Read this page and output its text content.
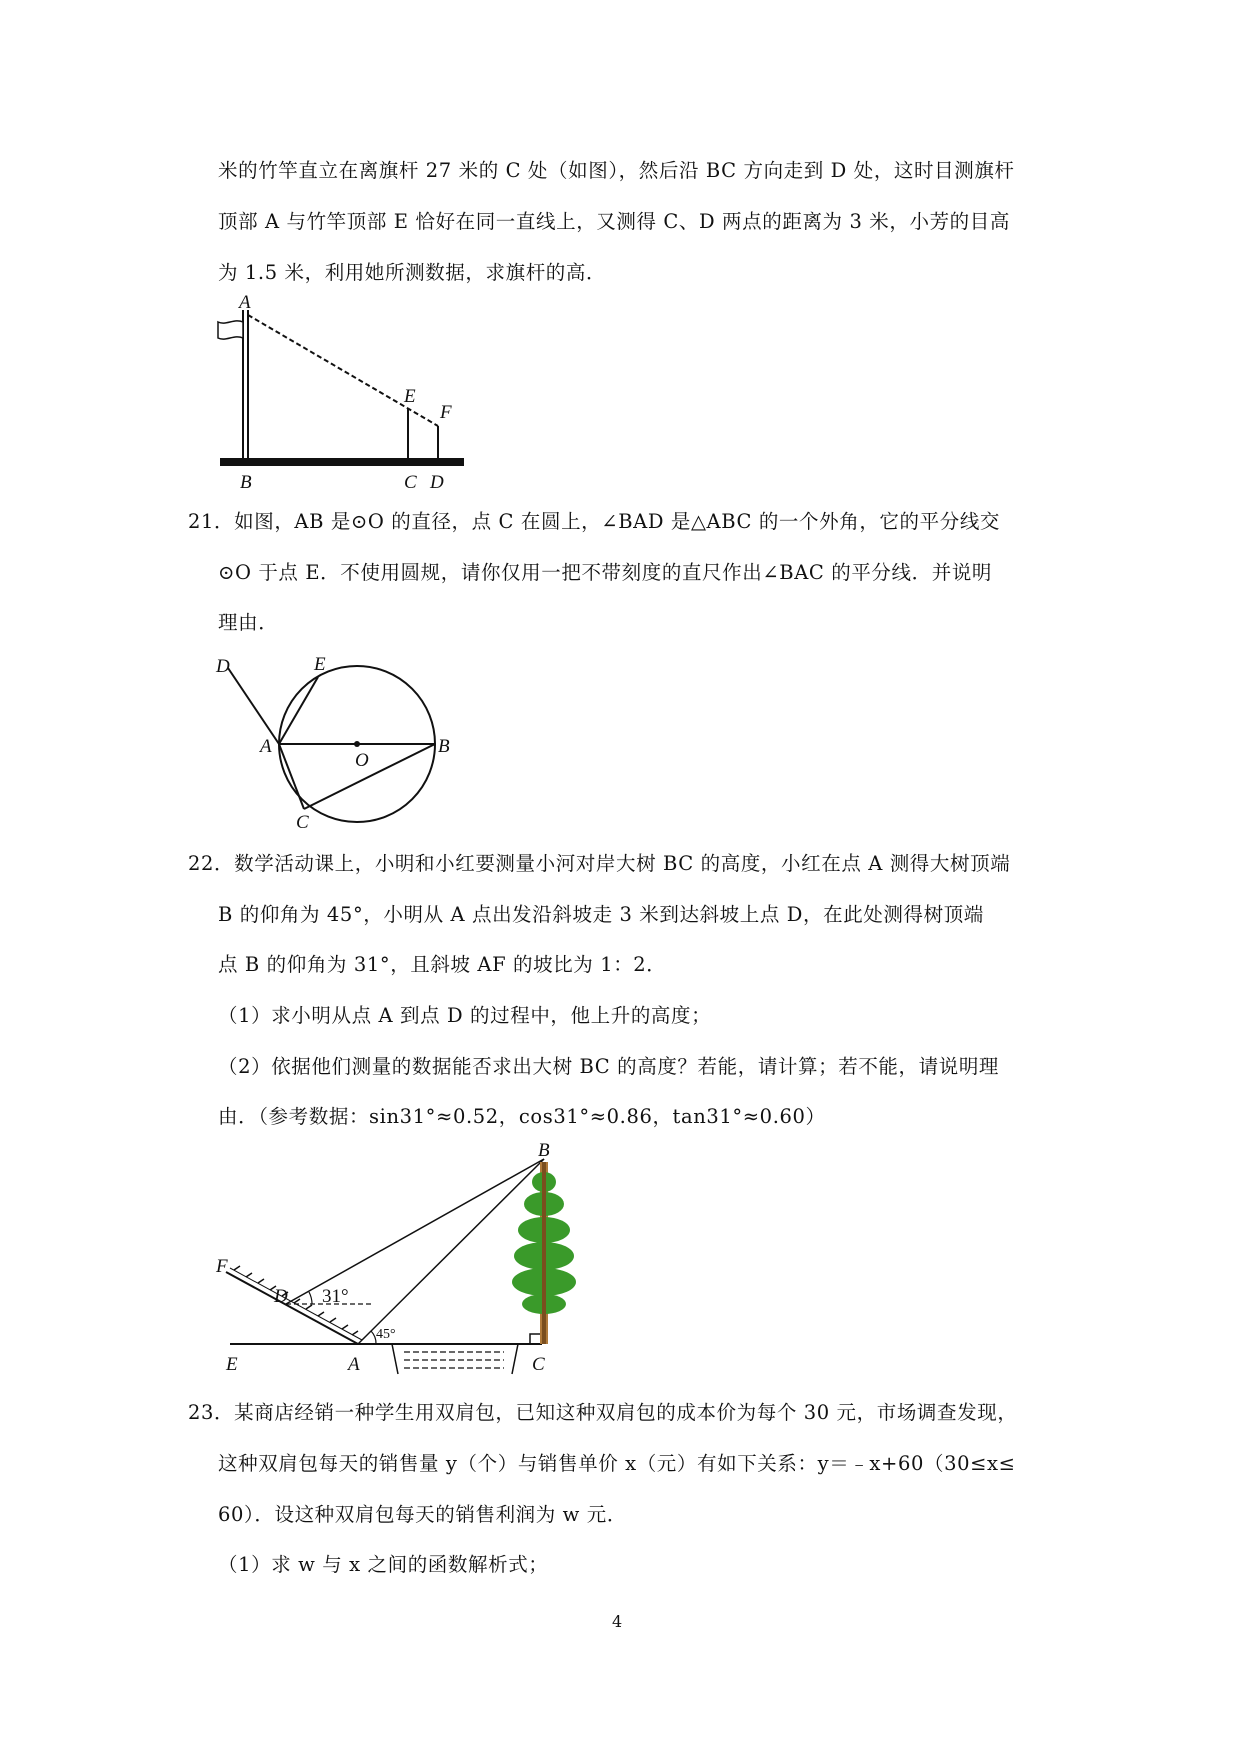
米的竹竿直立在离旗杆 27 米的 C 处（如图），然后沿 BC 方向走到 D 处，这时目测旗杆
顶部 A 与竹竿顶部 E 恰好在同一直线上，又测得 C、D 两点的距离为 3 米，小芳的目高
为 1.5 米，利用她所测数据，求旗杆的高．
A
E
F
B	C D
21．如图，AB 是⊙O 的直径，点 C 在圆上，∠BAD 是△ABC 的一个外角，它的平分线交
⊙O 于点 E．不使用圆规，请你仅用一把不带刻度的直尺作出∠BAC 的平分线．并说明
理由．
D	E
A
O
B
C
22．数学活动课上，小明和小红要测量小河对岸大树 BC 的高度，小红在点 A 测得大树顶端
B 的仰角为 45°，小明从 A 点出发沿斜坡走 3 米到达斜坡上点 D，在此处测得树顶端
点 B 的仰角为 31°，且斜坡 AF 的坡比为 1：2．
（1）求小明从点 A 到点 D 的过程中，他上升的高度；
（2）依据他们测量的数据能否求出大树 BC 的高度？若能，请计算；若不能，请说明理
由．（参考数据：sin31°≈0.52，cos31°≈0.86，tan31°≈0.60）
B
F
D 31°
45°
E	A	C
23．某商店经销一种学生用双肩包，已知这种双肩包的成本价为每个 30 元，市场调查发现，
这种双肩包每天的销售量 y（个）与销售单价 x（元）有如下关系：y＝﹣x+60（30≤x≤
60）．设这种双肩包每天的销售利润为 w 元．
（1）求 w 与 x 之间的函数解析式；
4
